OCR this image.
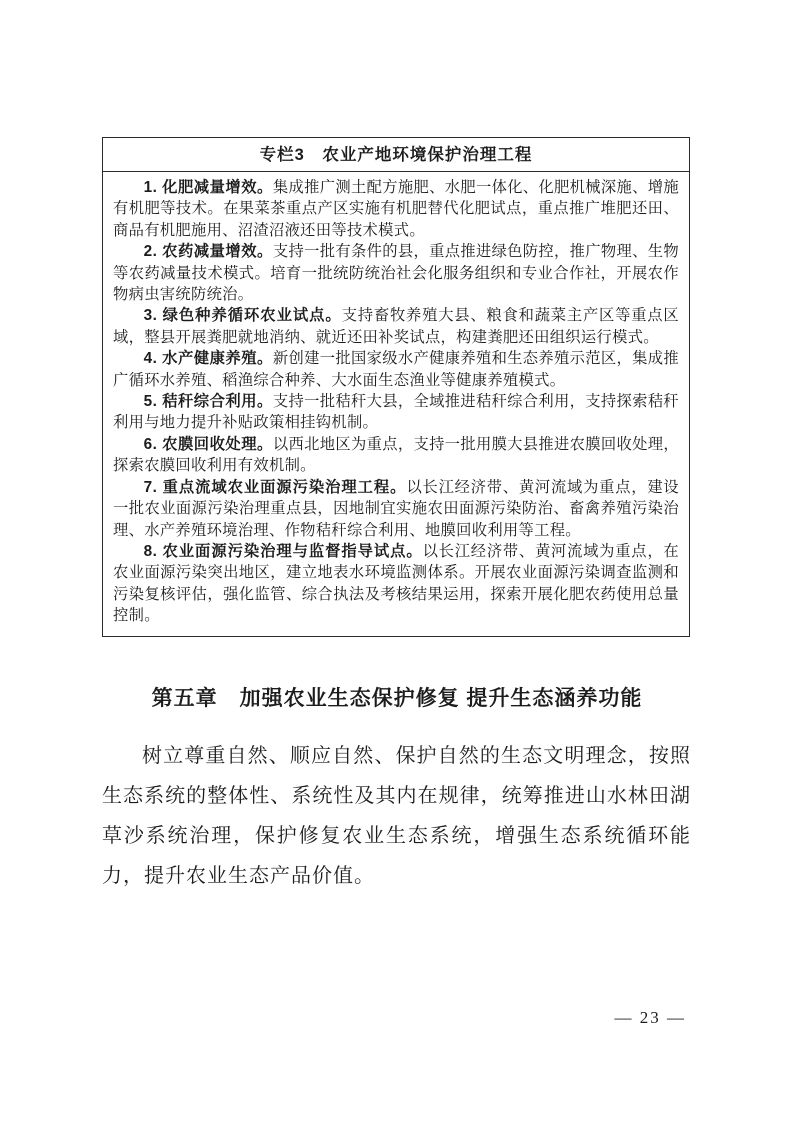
专栏3　农业产地环境保护治理工程

1. 化肥减量增效。集成推广测土配方施肥、水肥一体化、化肥机械深施、增施有机肥等技术。在果菜茶重点产区实施有机肥替代化肥试点，重点推广堆肥还田、商品有机肥施用、沼渣沼液还田等技术模式。

2. 农药减量增效。支持一批有条件的县，重点推进绿色防控，推广物理、生物等农药减量技术模式。培育一批统防统治社会化服务组织和专业合作社，开展农作物病虫害统防统治。

3. 绿色种养循环农业试点。支持畜牧养殖大县、粮食和蔬菜主产区等重点区域，整县开展粪肥就地消纳、就近还田补奖试点，构建粪肥还田组织运行模式。

4. 水产健康养殖。新创建一批国家级水产健康养殖和生态养殖示范区，集成推广循环水养殖、稻渔综合种养、大水面生态渔业等健康养殖模式。

5. 秸秆综合利用。支持一批秸秆大县，全域推进秸秆综合利用，支持探索秸秆利用与地力提升补贴政策相挂钩机制。

6. 农膜回收处理。以西北地区为重点，支持一批用膜大县推进农膜回收处理，探索农膜回收利用有效机制。

7. 重点流域农业面源污染治理工程。以长江经济带、黄河流域为重点，建设一批农业面源污染治理重点县，因地制宜实施农田面源污染防治、畜禽养殖污染治理、水产养殖环境治理、作物秸秆综合利用、地膜回收利用等工程。

8. 农业面源污染治理与监督指导试点。以长江经济带、黄河流域为重点，在农业面源污染突出地区，建立地表水环境监测体系。开展农业面源污染调查监测和污染复核评估，强化监管、综合执法及考核结果运用，探索开展化肥农药使用总量控制。

第五章　加强农业生态保护修复 提升生态涵养功能

树立尊重自然、顺应自然、保护自然的生态文明理念，按照生态系统的整体性、系统性及其内在规律，统筹推进山水林田湖草沙系统治理，保护修复农业生态系统，增强生态系统循环能力，提升农业生态产品价值。

— 23 —
